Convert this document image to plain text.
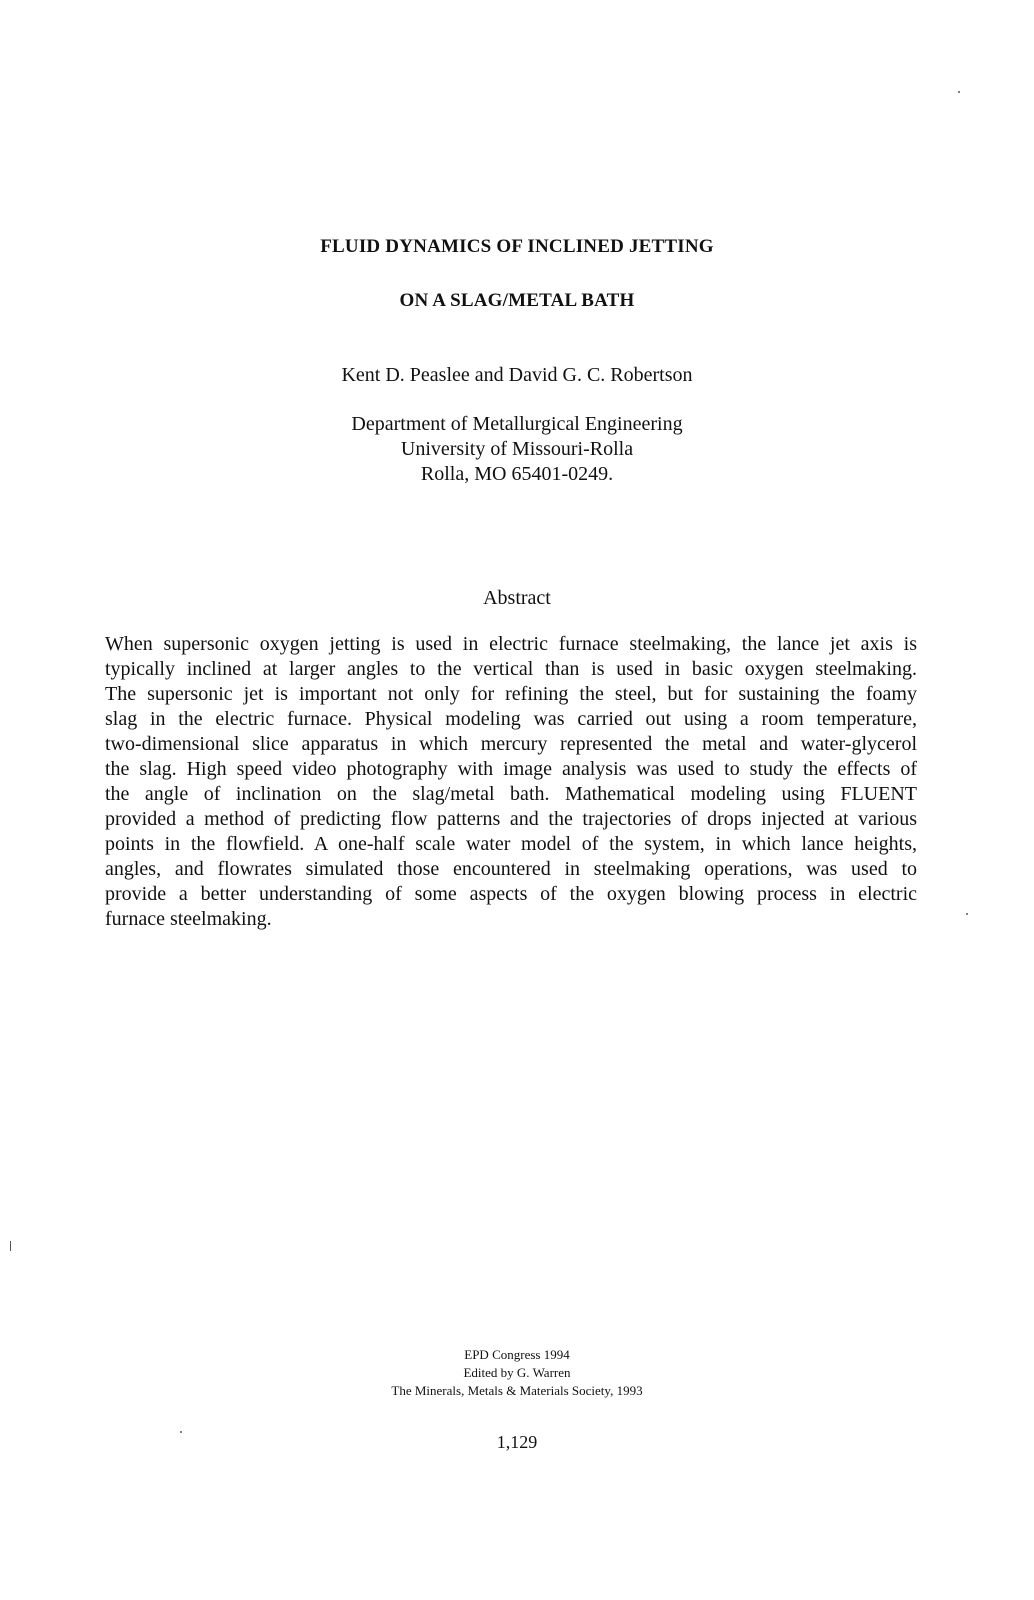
FLUID DYNAMICS OF INCLINED JETTING
ON A SLAG/METAL BATH
Kent D. Peaslee and David G. C. Robertson
Department of Metallurgical Engineering
University of Missouri-Rolla
Rolla, MO 65401-0249.
Abstract
When supersonic oxygen jetting is used in electric furnace steelmaking, the lance jet axis is
typically inclined at larger angles to the vertical than is used in basic oxygen steelmaking.
The supersonic jet is important not only for refining the steel, but for sustaining the foamy
slag in the electric furnace. Physical modeling was carried out using a room temperature,
two-dimensional slice apparatus in which mercury represented the metal and water-glycerol
the slag. High speed video photography with image analysis was used to study the effects of
the angle of inclination on the slag/metal bath. Mathematical modeling using FLUENT
provided a method of predicting flow patterns and the trajectories of drops injected at various
points in the flowfield. A one-half scale water model of the system, in which lance heights,
angles, and flowrates simulated those encountered in steelmaking operations, was used to
provide a better understanding of some aspects of the oxygen blowing process in electric
furnace steelmaking.
EPD Congress 1994
Edited by G. Warren
The Minerals, Metals & Materials Society, 1993
1,129
